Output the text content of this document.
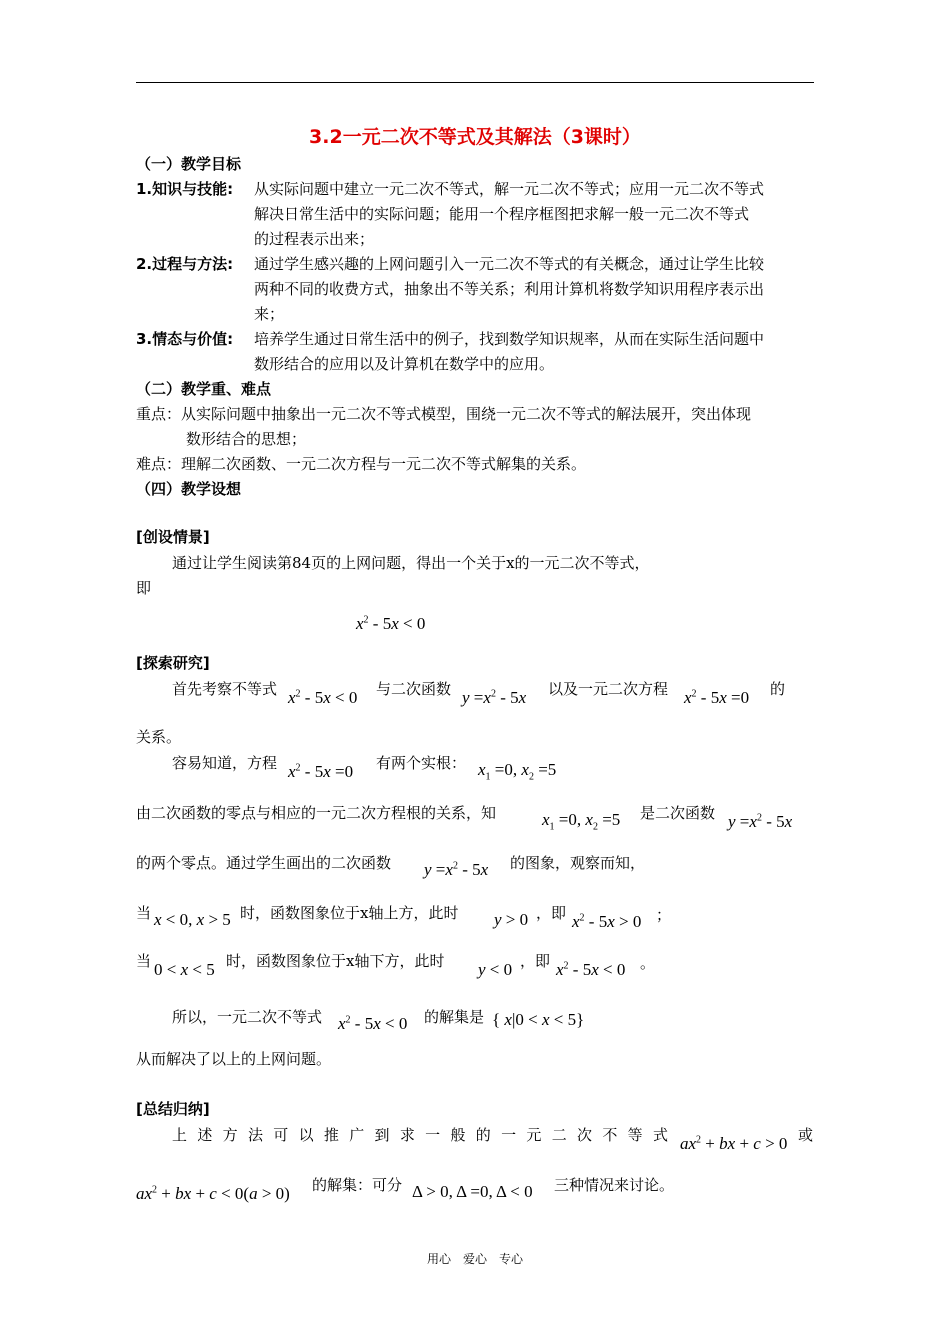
3.2一元二次不等式及其解法（3课时）
（一）教学目标
1.知识与技能: 从实际问题中建立一元二次不等式，解一元二次不等式；应用一元二次不等式
解决日常生活中的实际问题；能用一个程序框图把求解一般一元二次不等式
的过程表示出来；
2.过程与方法: 通过学生感兴趣的上网问题引入一元二次不等式的有关概念，通过让学生比较
两种不同的收费方式，抽象出不等关系；利用计算机将数学知识用程序表示出
来；
3.情态与价值: 培养学生通过日常生活中的例子，找到数学知识规率，从而在实际生活问题中
数形结合的应用以及计算机在数学中的应用。
（二）教学重、难点
重点：从实际问题中抽象出一元二次不等式模型，围绕一元二次不等式的解法展开，突出体现
数形结合的思想；
难点：理解二次函数、一元二次方程与一元二次不等式解集的关系。
（四）教学设想
[创设情景]
通过让学生阅读第84页的上网问题，得出一个关于x的一元二次不等式，
即
$x^2 - 5x < 0$
[探索研究]
首先考察不等式 $x^2 - 5x < 0$ 与二次函数 $y =x^2 - 5x$ 以及一元二次方程 $x^2 - 5x =0$ 的
关系。
容易知道，方程 $x^2 - 5x =0$ 有两个实根： $x_1 =0$, $x_2 =5$
由二次函数的零点与相应的一元二次方程根的关系，知	$x_1 =0$, $x_2 =5$ 是二次函数 $y =x^2 - 5x$
的两个零点。通过学生画出的二次函数 $y =x^2 - 5x$ 的图象，观察而知，
当 x < 0, x > 5 时，函数图象位于x轴上方，此时 y > 0 ，即 $x^2 - 5x > 0$ ；
当 0 < x < 5 时，函数图象位于x轴下方，此时 y < 0 ，即 $x^2 - 5x < 0$ 。
所以，一元二次不等式 $x^2 - 5x < 0$ 的解集是 { x|0 < x < 5}
从而解决了以上的上网问题。
[总结归纳]
上 述 方 法 可 以 推 广 到 求 一 般 的 一 元 二 次 不 等 式 $ax^2$ + bx + c > 0 或
$ax^2$ + bx + c < 0(a > 0) 的解集：可分 Δ > 0, Δ =0, Δ < 0 三种情况来讨论。
用心　爱心　专心
